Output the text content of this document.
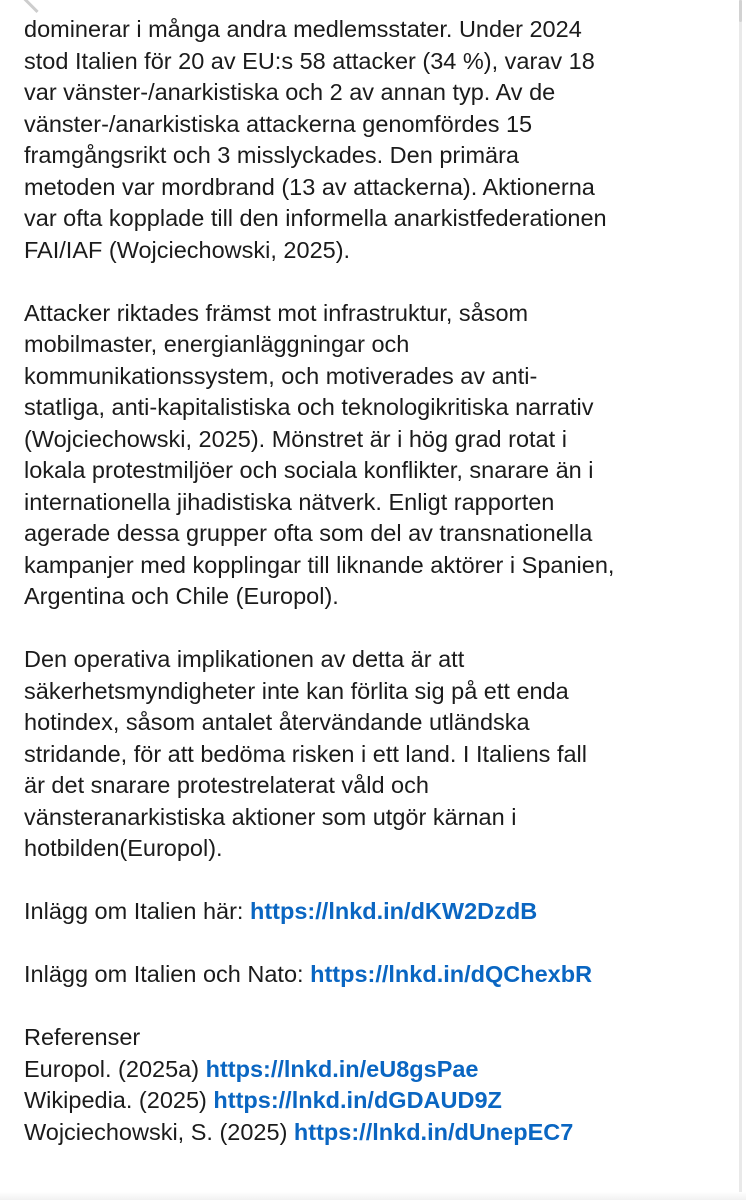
dominerar i många andra medlemsstater. Under 2024
stod Italien för 20 av EU:s 58 attacker (34 %), varav 18
var vänster-/anarkistiska och 2 av annan typ. Av de
vänster-/anarkistiska attackerna genomfördes 15
framgångsrikt och 3 misslyckades. Den primära
metoden var mordbrand (13 av attackerna). Aktionerna
var ofta kopplade till den informella anarkistfederationen
FAI/IAF (Wojciechowski, 2025).

Attacker riktades främst mot infrastruktur, såsom
mobilmaster, energianläggningar och
kommunikationssystem, och motiverades av anti-
statliga, anti-kapitalistiska och teknologikritiska narrativ
(Wojciechowski, 2025). Mönstret är i hög grad rotat i
lokala protestmiljöer och sociala konflikter, snarare än i
internationella jihadistiska nätverk. Enligt rapporten
agerade dessa grupper ofta som del av transnationella
kampanjer med kopplingar till liknande aktörer i Spanien,
Argentina och Chile (Europol).

Den operativa implikationen av detta är att
säkerhetsmyndigheter inte kan förlita sig på ett enda
hotindex, såsom antalet återvändande utländska
stridande, för att bedöma risken i ett land. I Italiens fall
är det snarare protestrelaterat våld och
vänsteranarkistiska aktioner som utgör kärnan i
hotbilden(Europol).

Inlägg om Italien här: https://lnkd.in/dKW2DzdB
Inlägg om Italien och Nato: https://lnkd.in/dQChexbR
Referenser
Europol. (2025a) https://lnkd.in/eU8gsPae
Wikipedia. (2025) https://lnkd.in/dGDAUD9Z
Wojciechowski, S. (2025) https://lnkd.in/dUnepEC7
